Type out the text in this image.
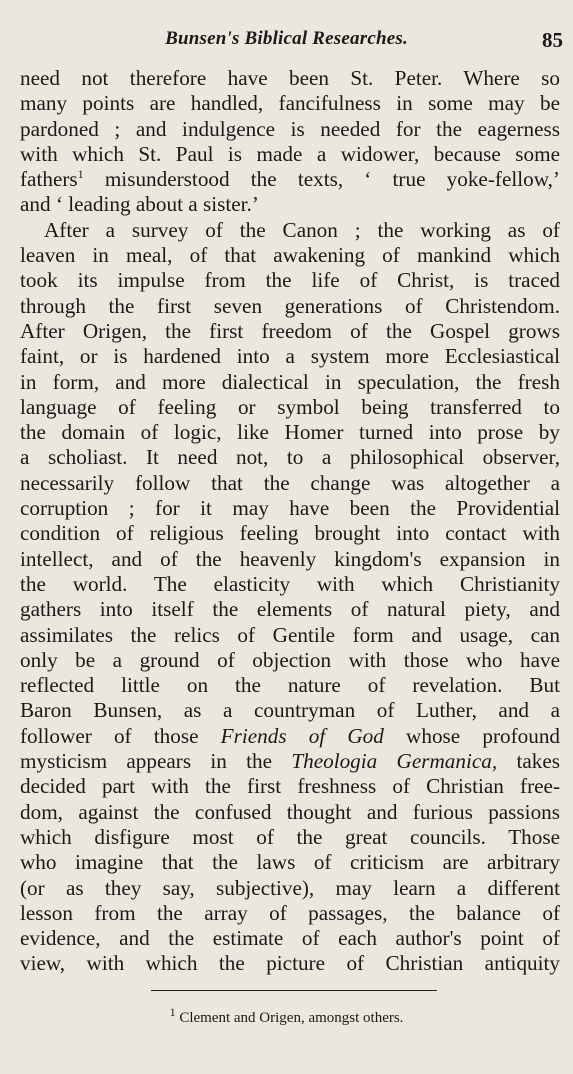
Bunsen's Biblical Researches.	85
need not therefore have been St. Peter. Where so
many points are handled, fancifulness in some may be
pardoned ; and indulgence is needed for the eagerness
with which St. Paul is made a widower, because some
fathers$^1$ misunderstood the texts, ‘ true yoke-fellow,’
and ‘ leading about a sister.’
After a survey of the Canon ; the working as of
leaven in meal, of that awakening of mankind which
took its impulse from the life of Christ, is traced
through the first seven generations of Christendom.
After Origen, the first freedom of the Gospel grows
faint, or is hardened into a system more Ecclesiastical
in form, and more dialectical in speculation, the fresh
language of feeling or symbol being transferred to
the domain of logic, like Homer turned into prose by
a scholiast. It need not, to a philosophical observer,
necessarily follow that the change was altogether a
corruption ; for it may have been the Providential
condition of religious feeling brought into contact with
intellect, and of the heavenly kingdom's expansion in
the world. The elasticity with which Christianity
gathers into itself the elements of natural piety, and
assimilates the relics of Gentile form and usage, can
only be a ground of objection with those who have
reflected little on the nature of revelation. But
Baron Bunsen, as a countryman of Luther, and a
follower of those Friends of God whose profound
mysticism appears in the Theologia Germanica, takes
decided part with the first freshness of Christian free-
dom, against the confused thought and furious passions
which disfigure most of the great councils. Those
who imagine that the laws of criticism are arbitrary
(or as they say, subjective), may learn a different
lesson from the array of passages, the balance of
evidence, and the estimate of each author's point of
view, with which the picture of Christian antiquity
$^1$ Clement and Origen, amongst others.
